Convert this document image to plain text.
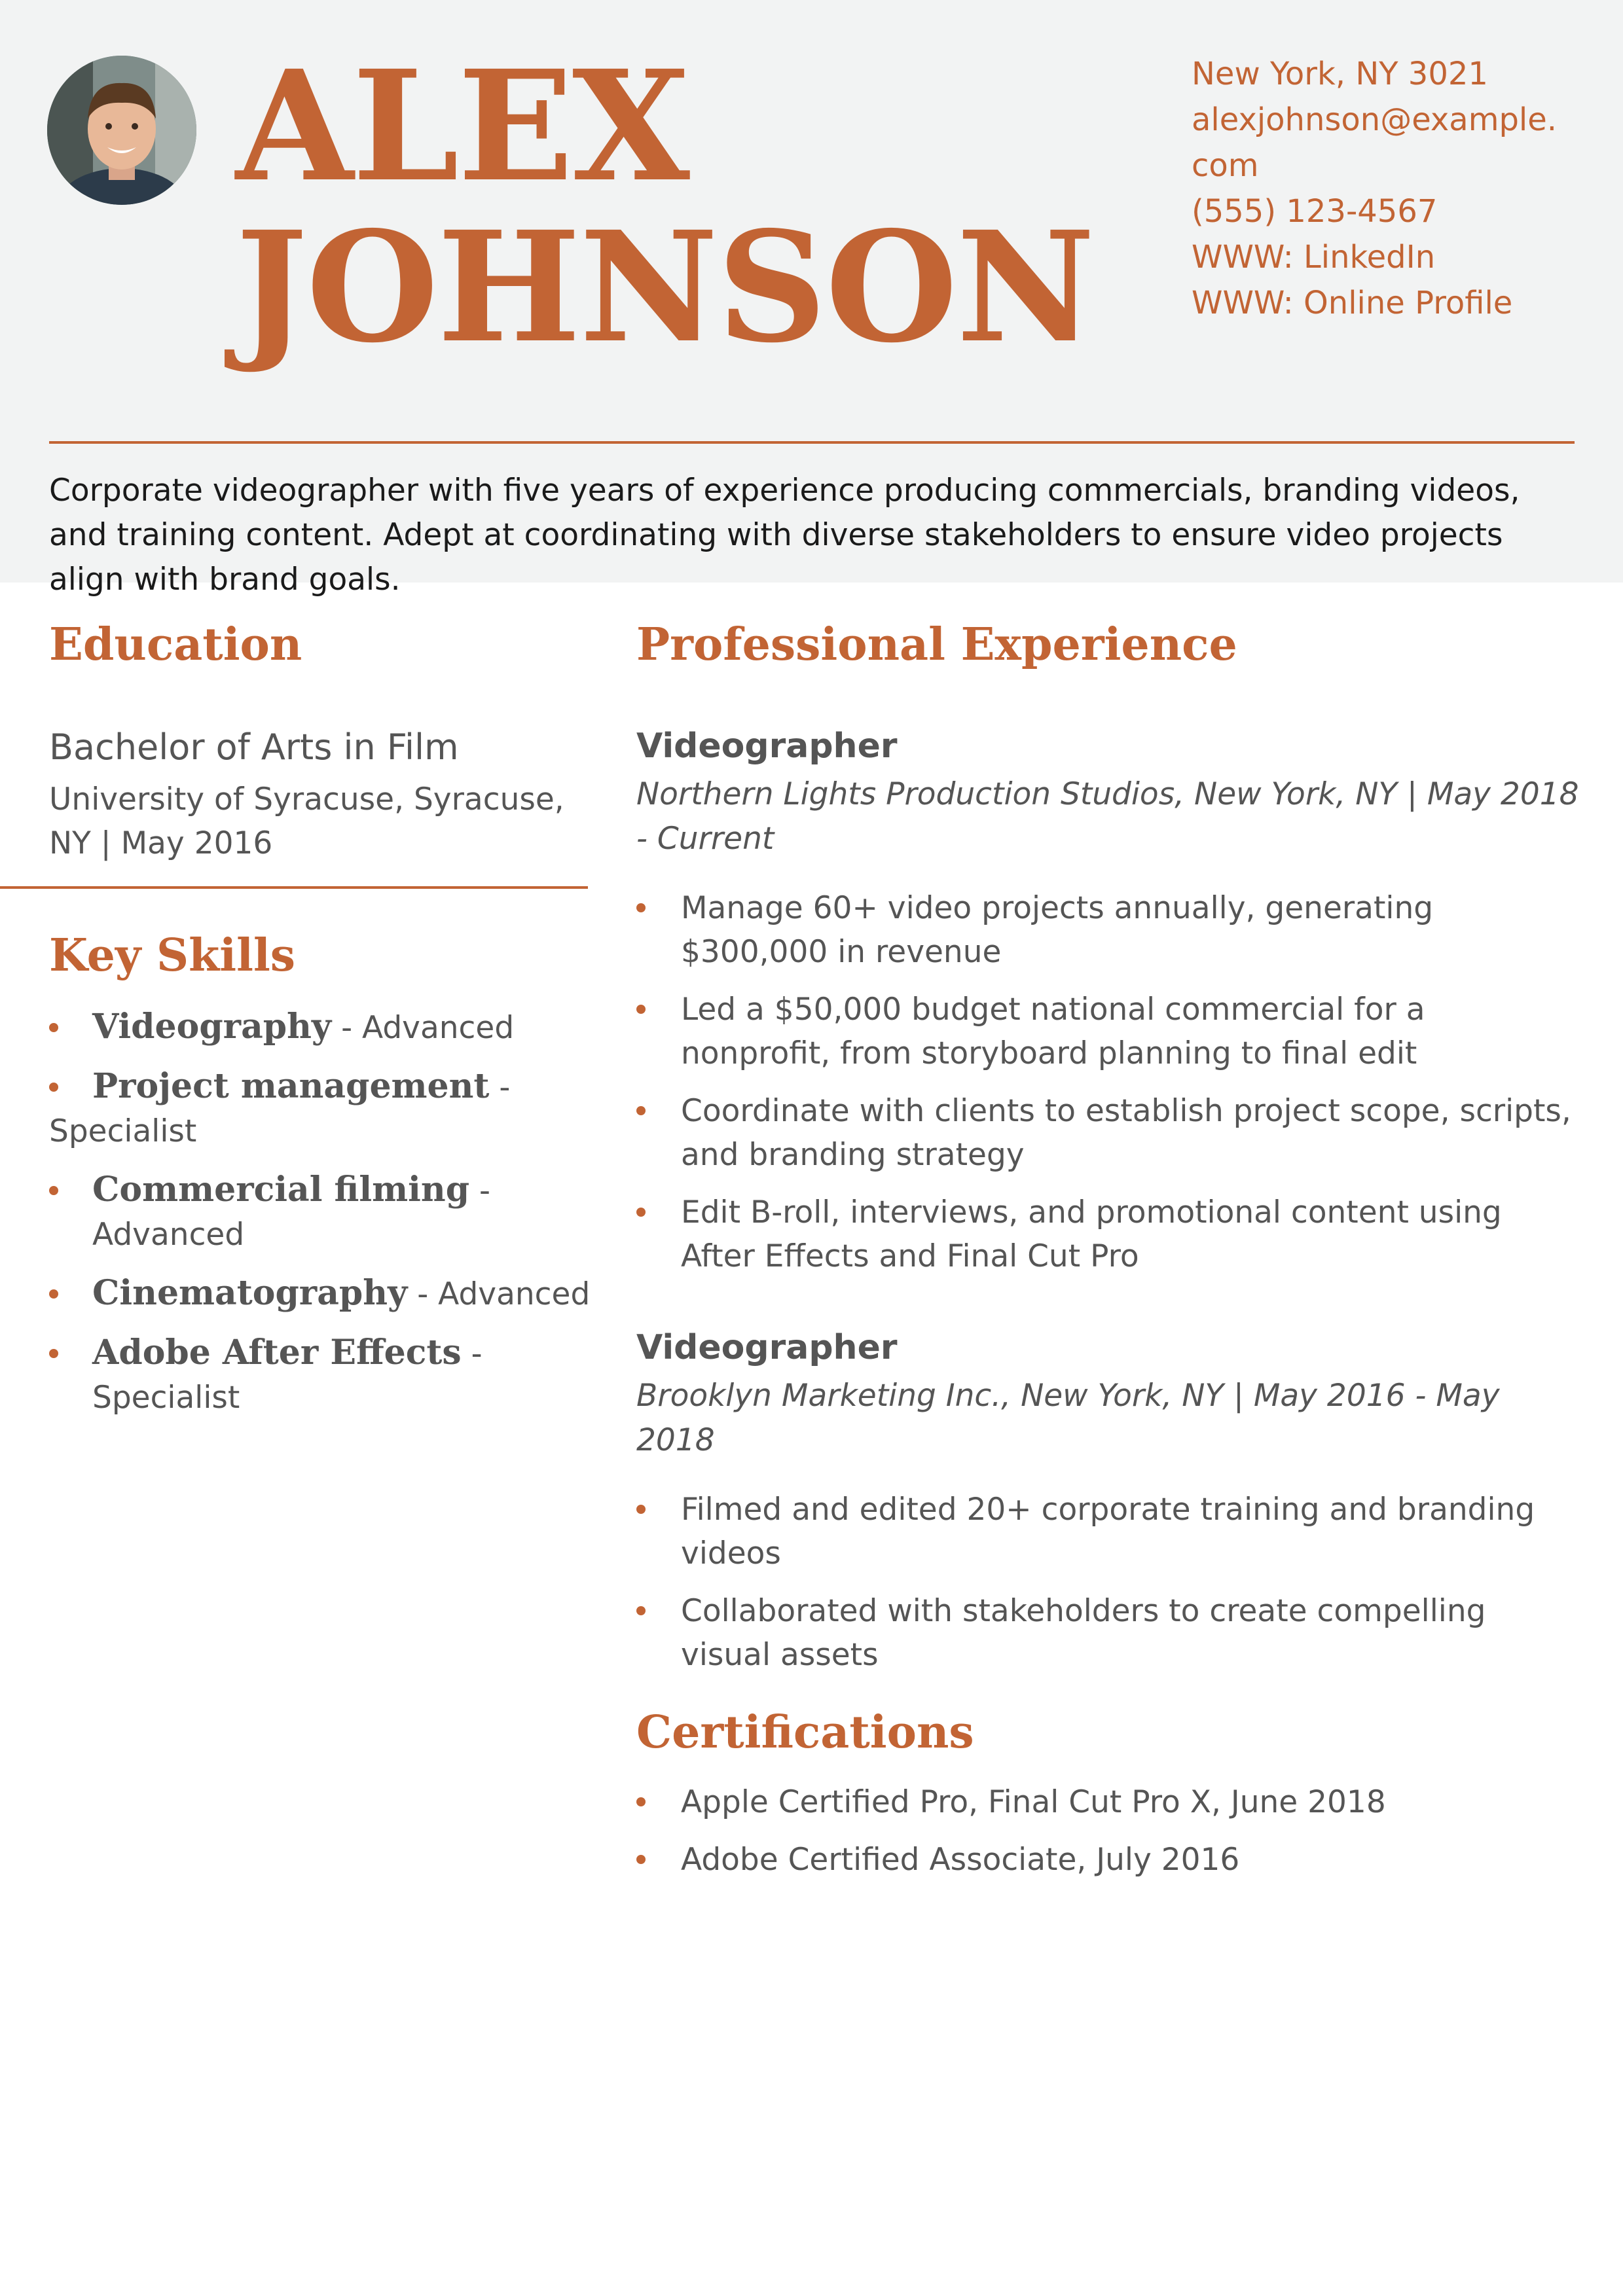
ALEX
JOHNSON
New York, NY 3021
alexjohnson@example.com
(555) 123-4567
WWW: LinkedIn
WWW: Online Profile
Corporate videographer with five years of experience producing commercials, branding videos, and training content. Adept at coordinating with diverse stakeholders to ensure video projects align with brand goals.
Education
Bachelor of Arts in Film
University of Syracuse, Syracuse, NY | May 2016
Key Skills
Videography - Advanced
Project management - Specialist
Commercial filming - Advanced
Cinematography - Advanced
Adobe After Effects - Specialist
Professional Experience
Videographer
Northern Lights Production Studios, New York, NY | May 2018 - Current
Manage 60+ video projects annually, generating $300,000 in revenue
Led a $50,000 budget national commercial for a nonprofit, from storyboard planning to final edit
Coordinate with clients to establish project scope, scripts, and branding strategy
Edit B-roll, interviews, and promotional content using After Effects and Final Cut Pro
Videographer
Brooklyn Marketing Inc., New York, NY | May 2016 - May 2018
Filmed and edited 20+ corporate training and branding videos
Collaborated with stakeholders to create compelling visual assets
Certifications
Apple Certified Pro, Final Cut Pro X, June 2018
Adobe Certified Associate, July 2016
